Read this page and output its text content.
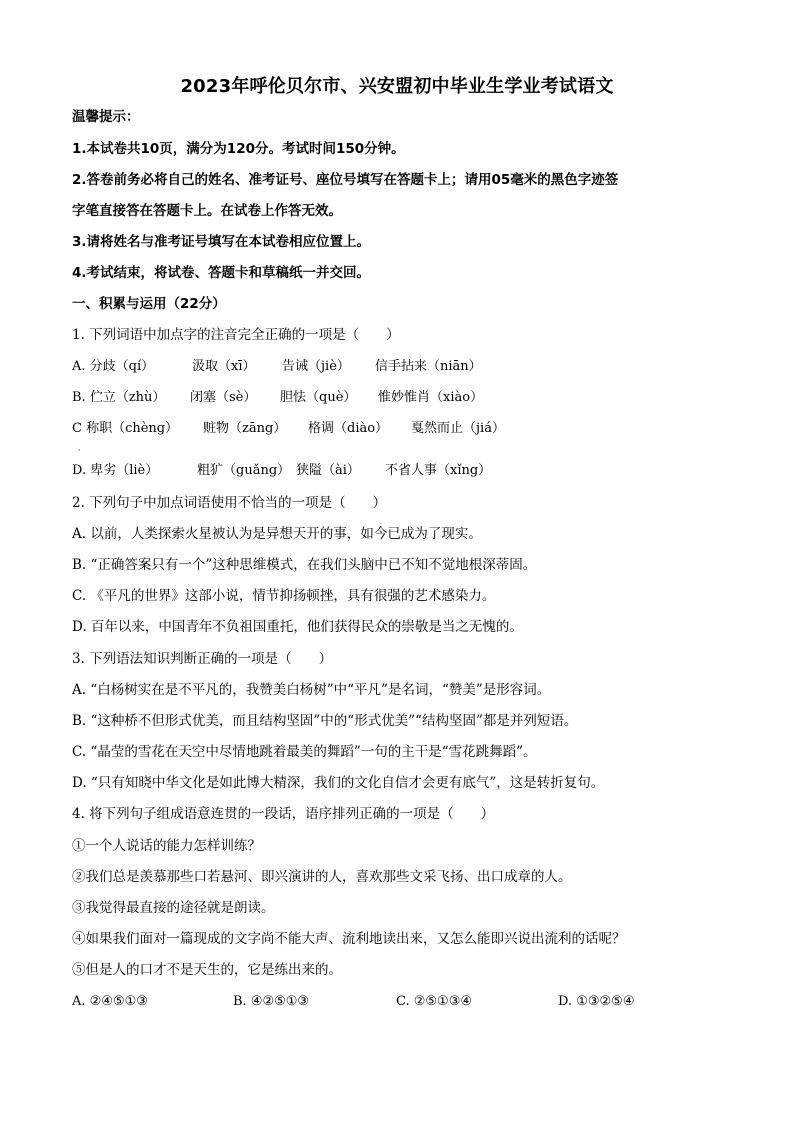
2023年呼伦贝尔市、兴安盟初中毕业生学业考试语文
温馨提示：
1.本试卷共10页，满分为120分。考试时间150分钟。
2.答卷前务必将自己的姓名、准考证号、座位号填写在答题卡上；请用05毫米的黑色字迹签
字笔直接答在答题卡上。在试卷上作答无效。
3.请将姓名与准考证号填写在本试卷相应位置上。
4.考试结束，将试卷、答题卡和草稿纸一并交回。
一、积累与运用（22分）
1. 下列词语中加点字的注音完全正确的一项是（　　）
A. 分歧（qí）	汲取（xī） 告诫（jiè） 信手拈来（niān）
B. 伫立（zhù） 闭塞（sè） 胆怯（què） 惟妙惟肖（xiào）
C 称职（chèng） 赃物（zāng） 格调（diào） 戛然而止（jiá）
·
D. 卑劣（liè）	粗犷（guǎng） 狭隘（ài） 不省人事（xǐng）
2. 下列句子中加点词语使用不恰当的一项是（　　）
A. 以前，人类探索火星被认为是异想天开的事，如今已成为了现实。
B. “正确答案只有一个”这种思维模式，在我们头脑中已不知不觉地根深蒂固。
C. 《平凡的世界》这部小说，情节抑扬顿挫，具有很强的艺术感染力。
D. 百年以来，中国青年不负祖国重托，他们获得民众的崇敬是当之无愧的。
3. 下列语法知识判断正确的一项是（　　）
A. “白杨树实在是不平凡的，我赞美白杨树”中“平凡”是名词，“赞美”是形容词。
B. “这种桥不但形式优美，而且结构坚固”中的“形式优美”“结构坚固”都是并列短语。
C. “晶莹的雪花在天空中尽情地跳着最美的舞蹈”一句的主干是“雪花跳舞蹈”。
D. “只有知晓中华文化是如此博大精深，我们的文化自信才会更有底气”，这是转折复句。
4. 将下列句子组成语意连贯的一段话，语序排列正确的一项是（　　）
①一个人说话的能力怎样训练？
②我们总是羡慕那些口若悬河、即兴演讲的人，喜欢那些文采飞扬、出口成章的人。
③我觉得最直接的途径就是朗读。
④如果我们面对一篇现成的文字尚不能大声、流利地读出来，又怎么能即兴说出流利的话呢？
⑤但是人的口才不是天生的，它是练出来的。
A. ②④⑤①③	B. ④②⑤①③	C. ②⑤①③④	D. ①③②⑤④
